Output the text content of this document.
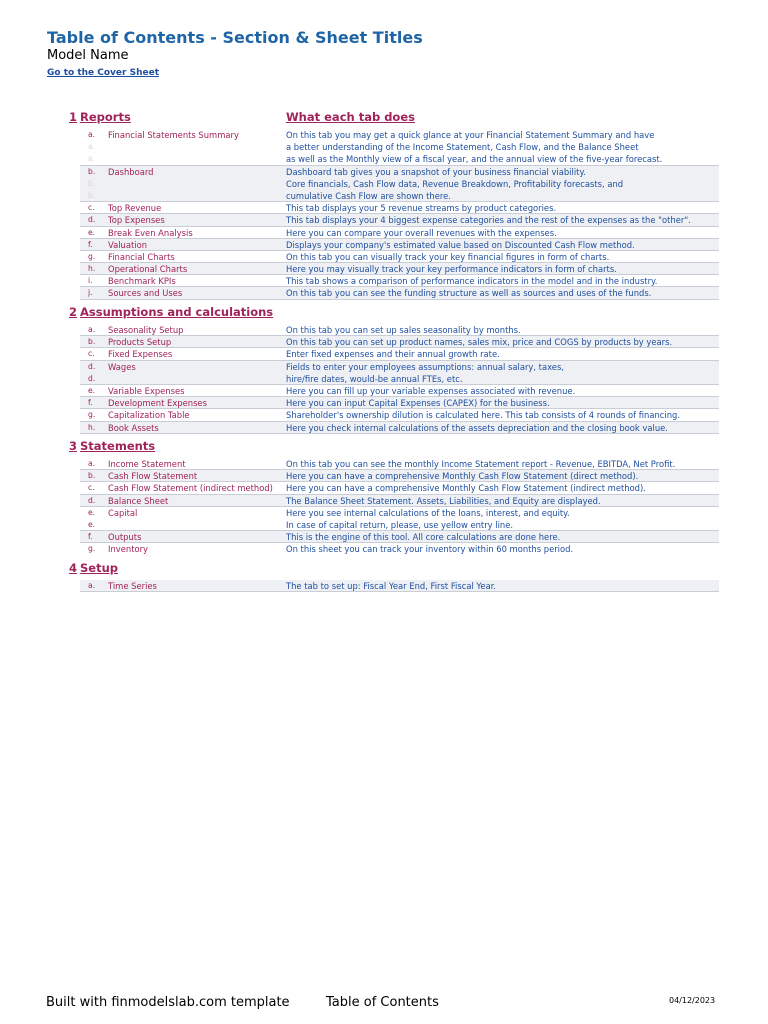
Table of Contents - Section & Sheet Titles
Model Name
Go to the Cover Sheet
What each tab does
1 Reports
a. Financial Statements Summary	On this tab you may get a quick glance at your Financial Statement Summary and have
a.	a better understanding of the Income Statement, Cash Flow, and the Balance Sheet
a.	as well as the Monthly view of a fiscal year, and the annual view of the five-year forecast.
b. Dashboard	Dashboard tab gives you a snapshot of your business financial viability.
b.	Core financials, Cash Flow data, Revenue Breakdown, Profitability forecasts, and
b.	cumulative Cash Flow are shown there.
c. Top Revenue	This tab displays your 5 revenue streams by product categories.
d. Top Expenses	This tab displays your 4 biggest expense categories and the rest of the expenses as the "other".
e. Break Even Analysis	Here you can compare your overall revenues with the expenses.
f. Valuation	Displays your company's estimated value based on Discounted Cash Flow method.
g. Financial Charts	On this tab you can visually track your key financial figures in form of charts.
h. Operational Charts	Here you may visually track your key performance indicators in form of charts.
i. Benchmark KPIs	This tab shows a comparison of performance indicators in the model and in the industry.
j. Sources and Uses	On this tab you can see the funding structure as well as sources and uses of the funds.
2 Assumptions and calculations
a. Seasonality Setup	On this tab you can set up sales seasonality by months.
b. Products Setup	On this tab you can set up product names, sales mix, price and COGS by products by years.
c. Fixed Expenses	Enter fixed expenses and their annual growth rate.
d. Wages	Fields to enter your employees assumptions: annual salary, taxes,
d.	hire/fire dates, would-be annual FTEs, etc.
e. Variable Expenses	Here you can fill up your variable expenses associated with revenue.
f. Development Expenses	Here you can input Capital Expenses (CAPEX) for the business.
g. Capitalization Table	Shareholder's ownership dilution is calculated here. This tab consists of 4 rounds of financing.
h. Book Assets	Here you check internal calculations of the assets depreciation and the closing book value.
3 Statements
a. Income Statement	On this tab you can see the monthly Income Statement report - Revenue, EBITDA, Net Profit.
b. Cash Flow Statement	Here you can have a comprehensive Monthly Cash Flow Statement (direct method).
c. Cash Flow Statement (indirect method) Here you can have a comprehensive Monthly Cash Flow Statement (indirect method).
d. Balance Sheet	The Balance Sheet Statement. Assets, Liabilities, and Equity are displayed.
e. Capital	Here you see internal calculations of the loans, interest, and equity.
e.	In case of capital return, please, use yellow entry line.
f. Outputs	This is the engine of this tool. All core calculations are done here.
g. Inventory	On this sheet you can track your inventory within 60 months period.
4 Setup
a. Time Series	The tab to set up: Fiscal Year End, First Fiscal Year.
Built with finmodelslab.com template	Table of Contents	04/12/2023
